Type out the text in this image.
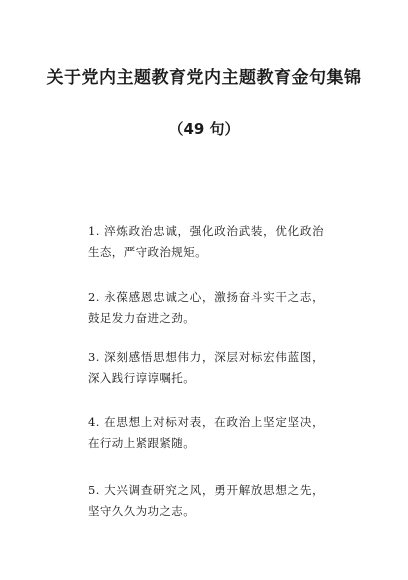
关于党内主题教育党内主题教育金句集锦
（49 句）
1. 淬炼政治忠诚，强化政治武装，优化政治生态，严守政治规矩。
2. 永葆感恩忠诚之心，激扬奋斗实干之志，鼓足发力奋进之劲。
3. 深刻感悟思想伟力，深层对标宏伟蓝图，深入践行谆谆嘱托。
4. 在思想上对标对表，在政治上坚定坚决，在行动上紧跟紧随。
5. 大兴调查研究之风，勇开解放思想之先，坚守久久为功之志。
